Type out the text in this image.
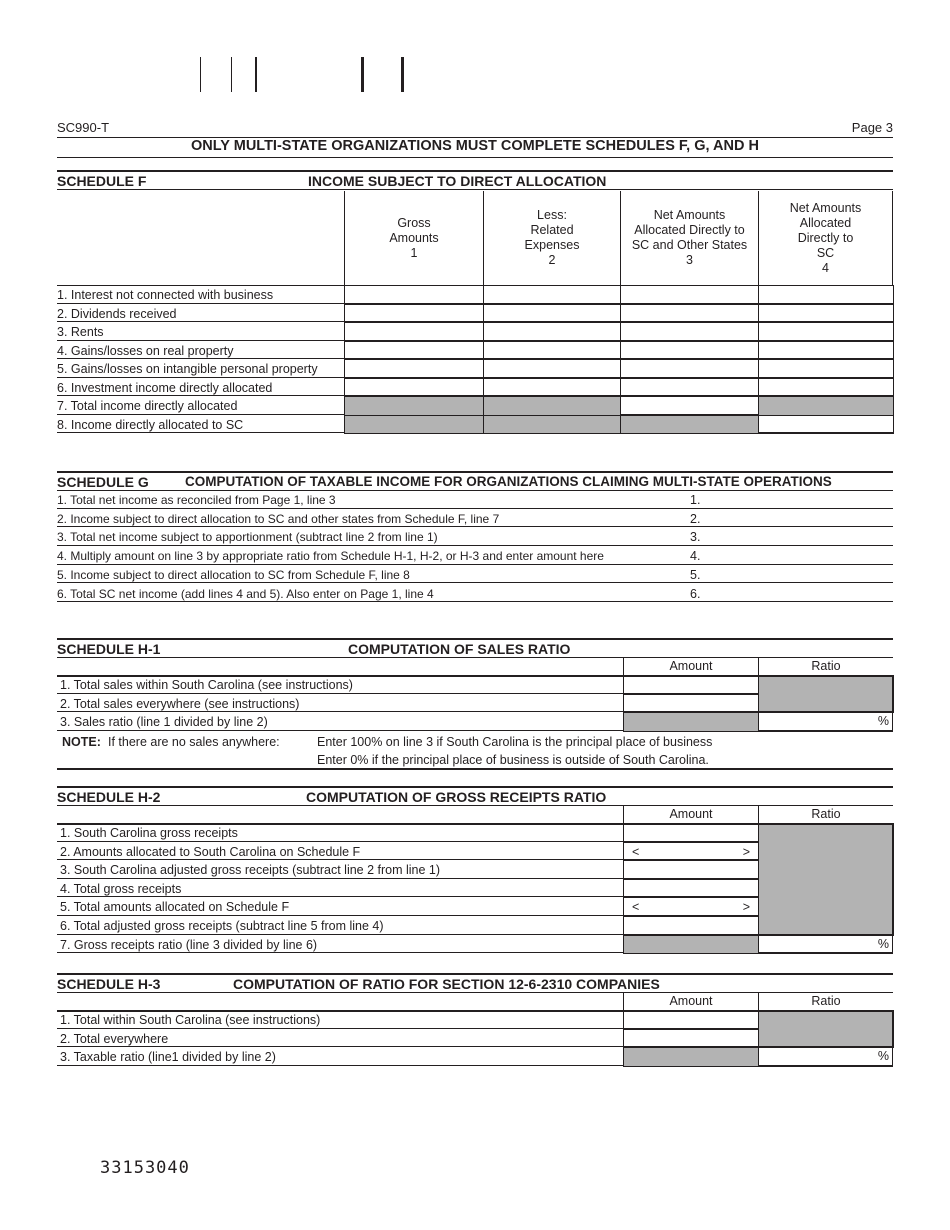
SC990-T	Page 3
ONLY MULTI-STATE ORGANIZATIONS MUST COMPLETE SCHEDULES F, G, AND H
SCHEDULE F	INCOME SUBJECT TO DIRECT ALLOCATION
Gross
Amounts
1
Less:
Related
Expenses
2
Net Amounts
Allocated Directly to
SC and Other States
3
Net Amounts
Allocated
Directly to
SC
4
1. Interest not connected with business
2. Dividends received
3. Rents
4. Gains/losses on real property
5. Gains/losses on intangible personal property
6. Investment income directly allocated
7. Total income directly allocated
8. Income directly allocated to SC
SCHEDULE G	COMPUTATION OF TAXABLE INCOME FOR ORGANIZATIONS CLAIMING MULTI-STATE OPERATIONS
1. Total net income as reconciled from Page 1, line 3	1.
2. Income subject to direct allocation to SC and other states from Schedule F, line 7	2.
3. Total net income subject to apportionment (subtract line 2 from line 1)	3.
4. Multiply amount on line 3 by appropriate ratio from Schedule H-1, H-2, or H-3 and enter amount here	4.
5. Income subject to direct allocation to SC from Schedule F, line 8	5.
6. Total SC net income (add lines 4 and 5). Also enter on Page 1, line 4	6.
SCHEDULE H-1	COMPUTATION OF SALES RATIO
Amount	Ratio
1. Total sales within South Carolina (see instructions)
2. Total sales everywhere (see instructions)
3. Sales ratio (line 1 divided by line 2)	%
NOTE: If there are no sales anywhere:	Enter 100% on line 3 if South Carolina is the principal place of business
Enter 0% if the principal place of business is outside of South Carolina.
SCHEDULE H-2	COMPUTATION OF GROSS RECEIPTS RATIO
Amount	Ratio
1. South Carolina gross receipts
2. Amounts allocated to South Carolina on Schedule F	<	>
3. South Carolina adjusted gross receipts (subtract line 2 from line 1)
4. Total gross receipts
5. Total amounts allocated on Schedule F	<	>
6. Total adjusted gross receipts (subtract line 5 from line 4)
7. Gross receipts ratio (line 3 divided by line 6)	%
SCHEDULE H-3	COMPUTATION OF RATIO FOR SECTION 12-6-2310 COMPANIES
Amount	Ratio
1. Total within South Carolina (see instructions)
2. Total everywhere
3. Taxable ratio (line1 divided by line 2)	%
33153040
